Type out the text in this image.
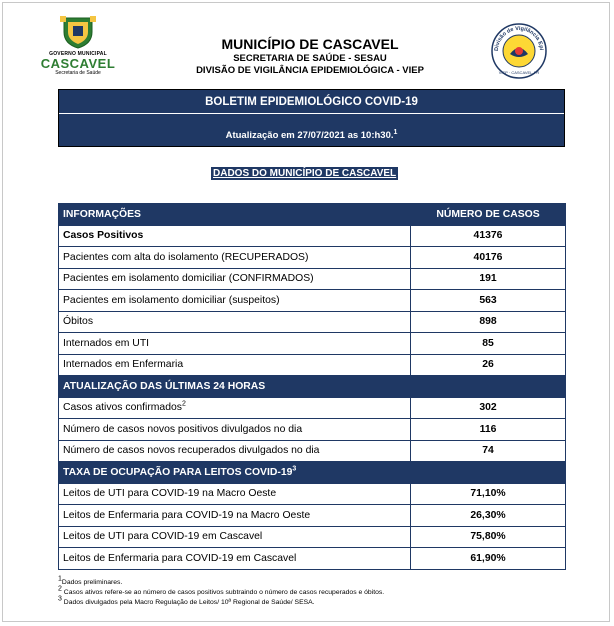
GOVERNO MUNICIPAL
CASCAVEL
Secretaria de Saúde
MUNICÍPIO DE CASCAVEL
SECRETARIA DE SAÚDE - SESAU
DIVISÃO DE VIGILÂNCIA EPIDEMIOLÓGICA - VIEP
Divisão de Vigilância Epi
VIEP · CASCAVEL-PR
BOLETIM EPIDEMIOLÓGICO COVID-19
Atualização em 27/07/2021 as 10:h30.$^1$
DADOS DO MUNICÍPIO DE CASCAVEL
INFORMAÇÕES	NÚMERO DE CASOS
Casos Positivos	41376
Pacientes com alta do isolamento (RECUPERADOS)	40176
Pacientes em isolamento domiciliar (CONFIRMADOS)	191
Pacientes em isolamento domiciliar (suspeitos)	563
Óbitos	898
Internados em UTI	85
Internados em Enfermaria	26
ATUALIZAÇÃO DAS ÚLTIMAS 24 HORAS	
Casos ativos confirmados$^2$	302
Número de casos novos positivos divulgados no dia	116
Número de casos novos recuperados divulgados no dia	74
TAXA DE OCUPAÇÃO PARA LEITOS COVID-$19^3$	
Leitos de UTI para COVID-19 na Macro Oeste	71,10%
Leitos de Enfermaria para COVID-19 na Macro Oeste	26,30%
Leitos de UTI para COVID-19 em Cascavel	75,80%
Leitos de Enfermaria para COVID-19 em Cascavel	61,90%
$^1$Dados preliminares.
$^2$ Casos ativos refere-se ao número de casos positivos subtraindo o número de casos recuperados e óbitos.
$^3$ Dados divulgados pela Macro Regulação de Leitos/ 10ª Regional de Saúde/ SESA.
